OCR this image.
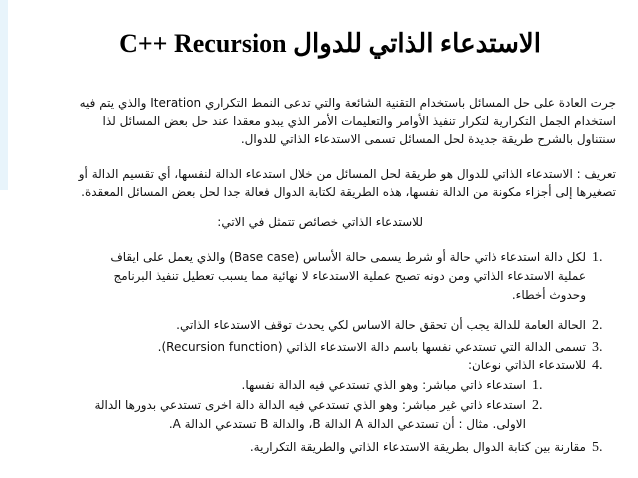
الاستدعاء الذاتي للدوال C++ Recursion
جرت العادة على حل المسائل باستخدام التقنية الشائعة والتي تدعى النمط التكراري Iteration والذي يتم فيه
استخدام الجمل التكرارية لتكرار تنفيذ الأوامر والتعليمات الأمر الذي يبدو معقدا عند حل بعض المسائل لذا
سنتناول بالشرح طريقة جديدة لحل المسائل تسمى الاستدعاء الذاتي للدوال.
تعريف : الاستدعاء الذاتي للدوال هو طريقة لحل المسائل من خلال استدعاء الدالة لنفسها، أي تقسيم الدالة أو
تصغيرها إلى أجزاء مكونة من الدالة نفسها، هذه الطريقة لكتابة الدوال فعالة جدا لحل بعض المسائل المعقدة.
للاستدعاء الذاتي خصائص تتمثل في الاتي:
1.
لكل دالة استدعاء ذاتي حالة أو شرط يسمى حالة الأساس (Base case) والذي يعمل على ايقاف
عملية الاستدعاء الذاتي ومن دونه تصبح عملية الاستدعاء لا نهائية مما يسبب تعطيل تنفيذ البرنامج
وحدوث أخطاء.
2.
الحالة العامة للدالة يجب أن تحقق حالة الاساس لكي يحدث توقف الاستدعاء الذاتي.
3.
تسمى الدالة التي تستدعي نفسها باسم دالة الاستدعاء الذاتي (Recursion function).
4.
للاستدعاء الذاتي نوعان:
1.
استدعاء ذاتي مباشر: وهو الذي تستدعي فيه الدالة نفسها.
2.
استدعاء ذاتي غير مباشر: وهو الذي تستدعي فيه الدالة دالة اخرى تستدعي بدورها الدالة
الاولى. مثال : أن تستدعي الدالة A الدالة B، والدالة B تستدعي الدالة A.
5.
مقارنة بين كتابة الدوال بطريقة الاستدعاء الذاتي والطريقة التكرارية.
